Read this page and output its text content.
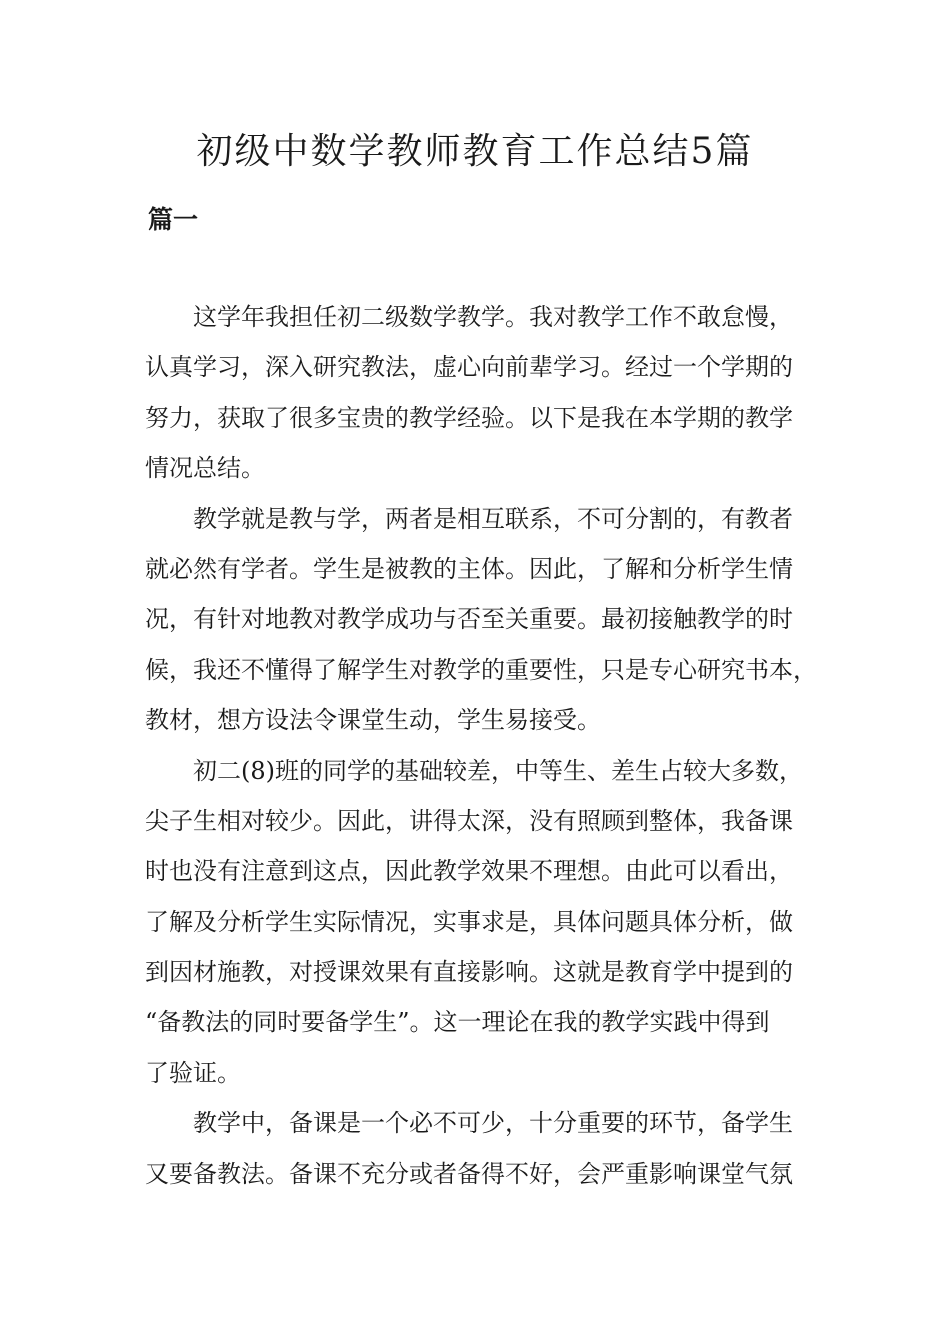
初级中数学教师教育工作总结5篇
篇一
这学年我担任初二级数学教学。我对教学工作不敢怠慢，
认真学习，深入研究教法，虚心向前辈学习。经过一个学期的
努力，获取了很多宝贵的教学经验。以下是我在本学期的教学
情况总结。
教学就是教与学，两者是相互联系，不可分割的，有教者
就必然有学者。学生是被教的主体。因此，了解和分析学生情
况，有针对地教对教学成功与否至关重要。最初接触教学的时
候，我还不懂得了解学生对教学的重要性，只是专心研究书本，
教材，想方设法令课堂生动，学生易接受。
初二(8)班的同学的基础较差，中等生、差生占较大多数，
尖子生相对较少。因此，讲得太深，没有照顾到整体，我备课
时也没有注意到这点，因此教学效果不理想。由此可以看出，
了解及分析学生实际情况，实事求是，具体问题具体分析，做
到因材施教，对授课效果有直接影响。这就是教育学中提到的
“备教法的同时要备学生”。这一理论在我的教学实践中得到
了验证。
教学中，备课是一个必不可少，十分重要的环节，备学生
又要备教法。备课不充分或者备得不好，会严重影响课堂气氛
